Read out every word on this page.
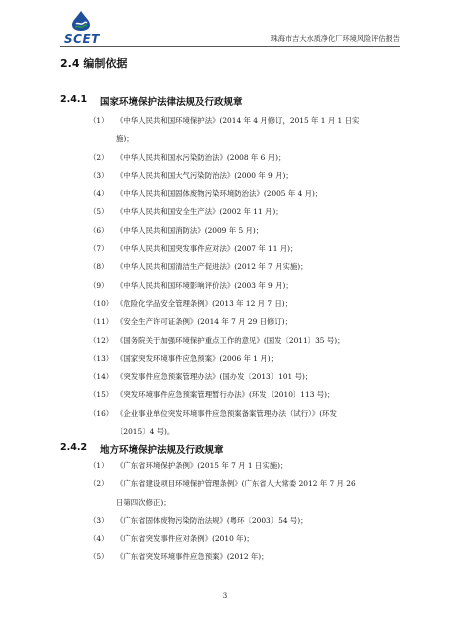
SCET	珠海市吉大水质净化厂环境风险评估报告
2.4 编制依据
2.4.1 国家环境保护法律法规及行政规章
（1） 《中华人民共和国环境保护法》(2014 年 4 月修订，2015 年 1 月 1 日实
施)；
（2） 《中华人民共和国水污染防治法》(2008 年 6 月)；
（3） 《中华人民共和国大气污染防治法》(2000 年 9 月)；
（4） 《中华人民共和国固体废物污染环境防治法》(2005 年 4 月)；
（5） 《中华人民共和国安全生产法》(2002 年 11 月)；
（6） 《中华人民共和国消防法》(2009 年 5 月)；
（7） 《中华人民共和国突发事件应对法》(2007 年 11 月)；
（8） 《中华人民共和国清洁生产促进法》(2012 年 7 月实施)；
（9） 《中华人民共和国环境影响评价法》(2003 年 9 月)；
（10） 《危险化学品安全管理条例》(2013 年 12 月 7 日)；
（11） 《安全生产许可证条例》(2014 年 7 月 29 日修订)；
（12） 《国务院关于加强环境保护重点工作的意见》(国发〔2011〕35 号)；
（13） 《国家突发环境事件应急预案》(2006 年 1 月)；
（14） 《突发事件应急预案管理办法》(国办发〔2013〕101 号)；
（15） 《突发环境事件应急预案管理暂行办法》(环发〔2010〕113 号)；
（16） 《企业事业单位突发环境事件应急预案备案管理办法（试行）》(环发
〔2015〕4 号)。
2.4.2 地方环境保护法规及行政规章
（1） 《广东省环境保护条例》(2015 年 7 月 1 日实施)；
（2） 《广东省建设项目环境保护管理条例》(广东省人大常委 2012 年 7 月 26
日第四次修正)；
（3） 《广东省固体废物污染防治法规》(粤环〔2003〕54 号)；
（4） 《广东省突发事件应对条例》(2010 年)；
（5） 《广东省突发环境事件应急预案》(2012 年)；
3
